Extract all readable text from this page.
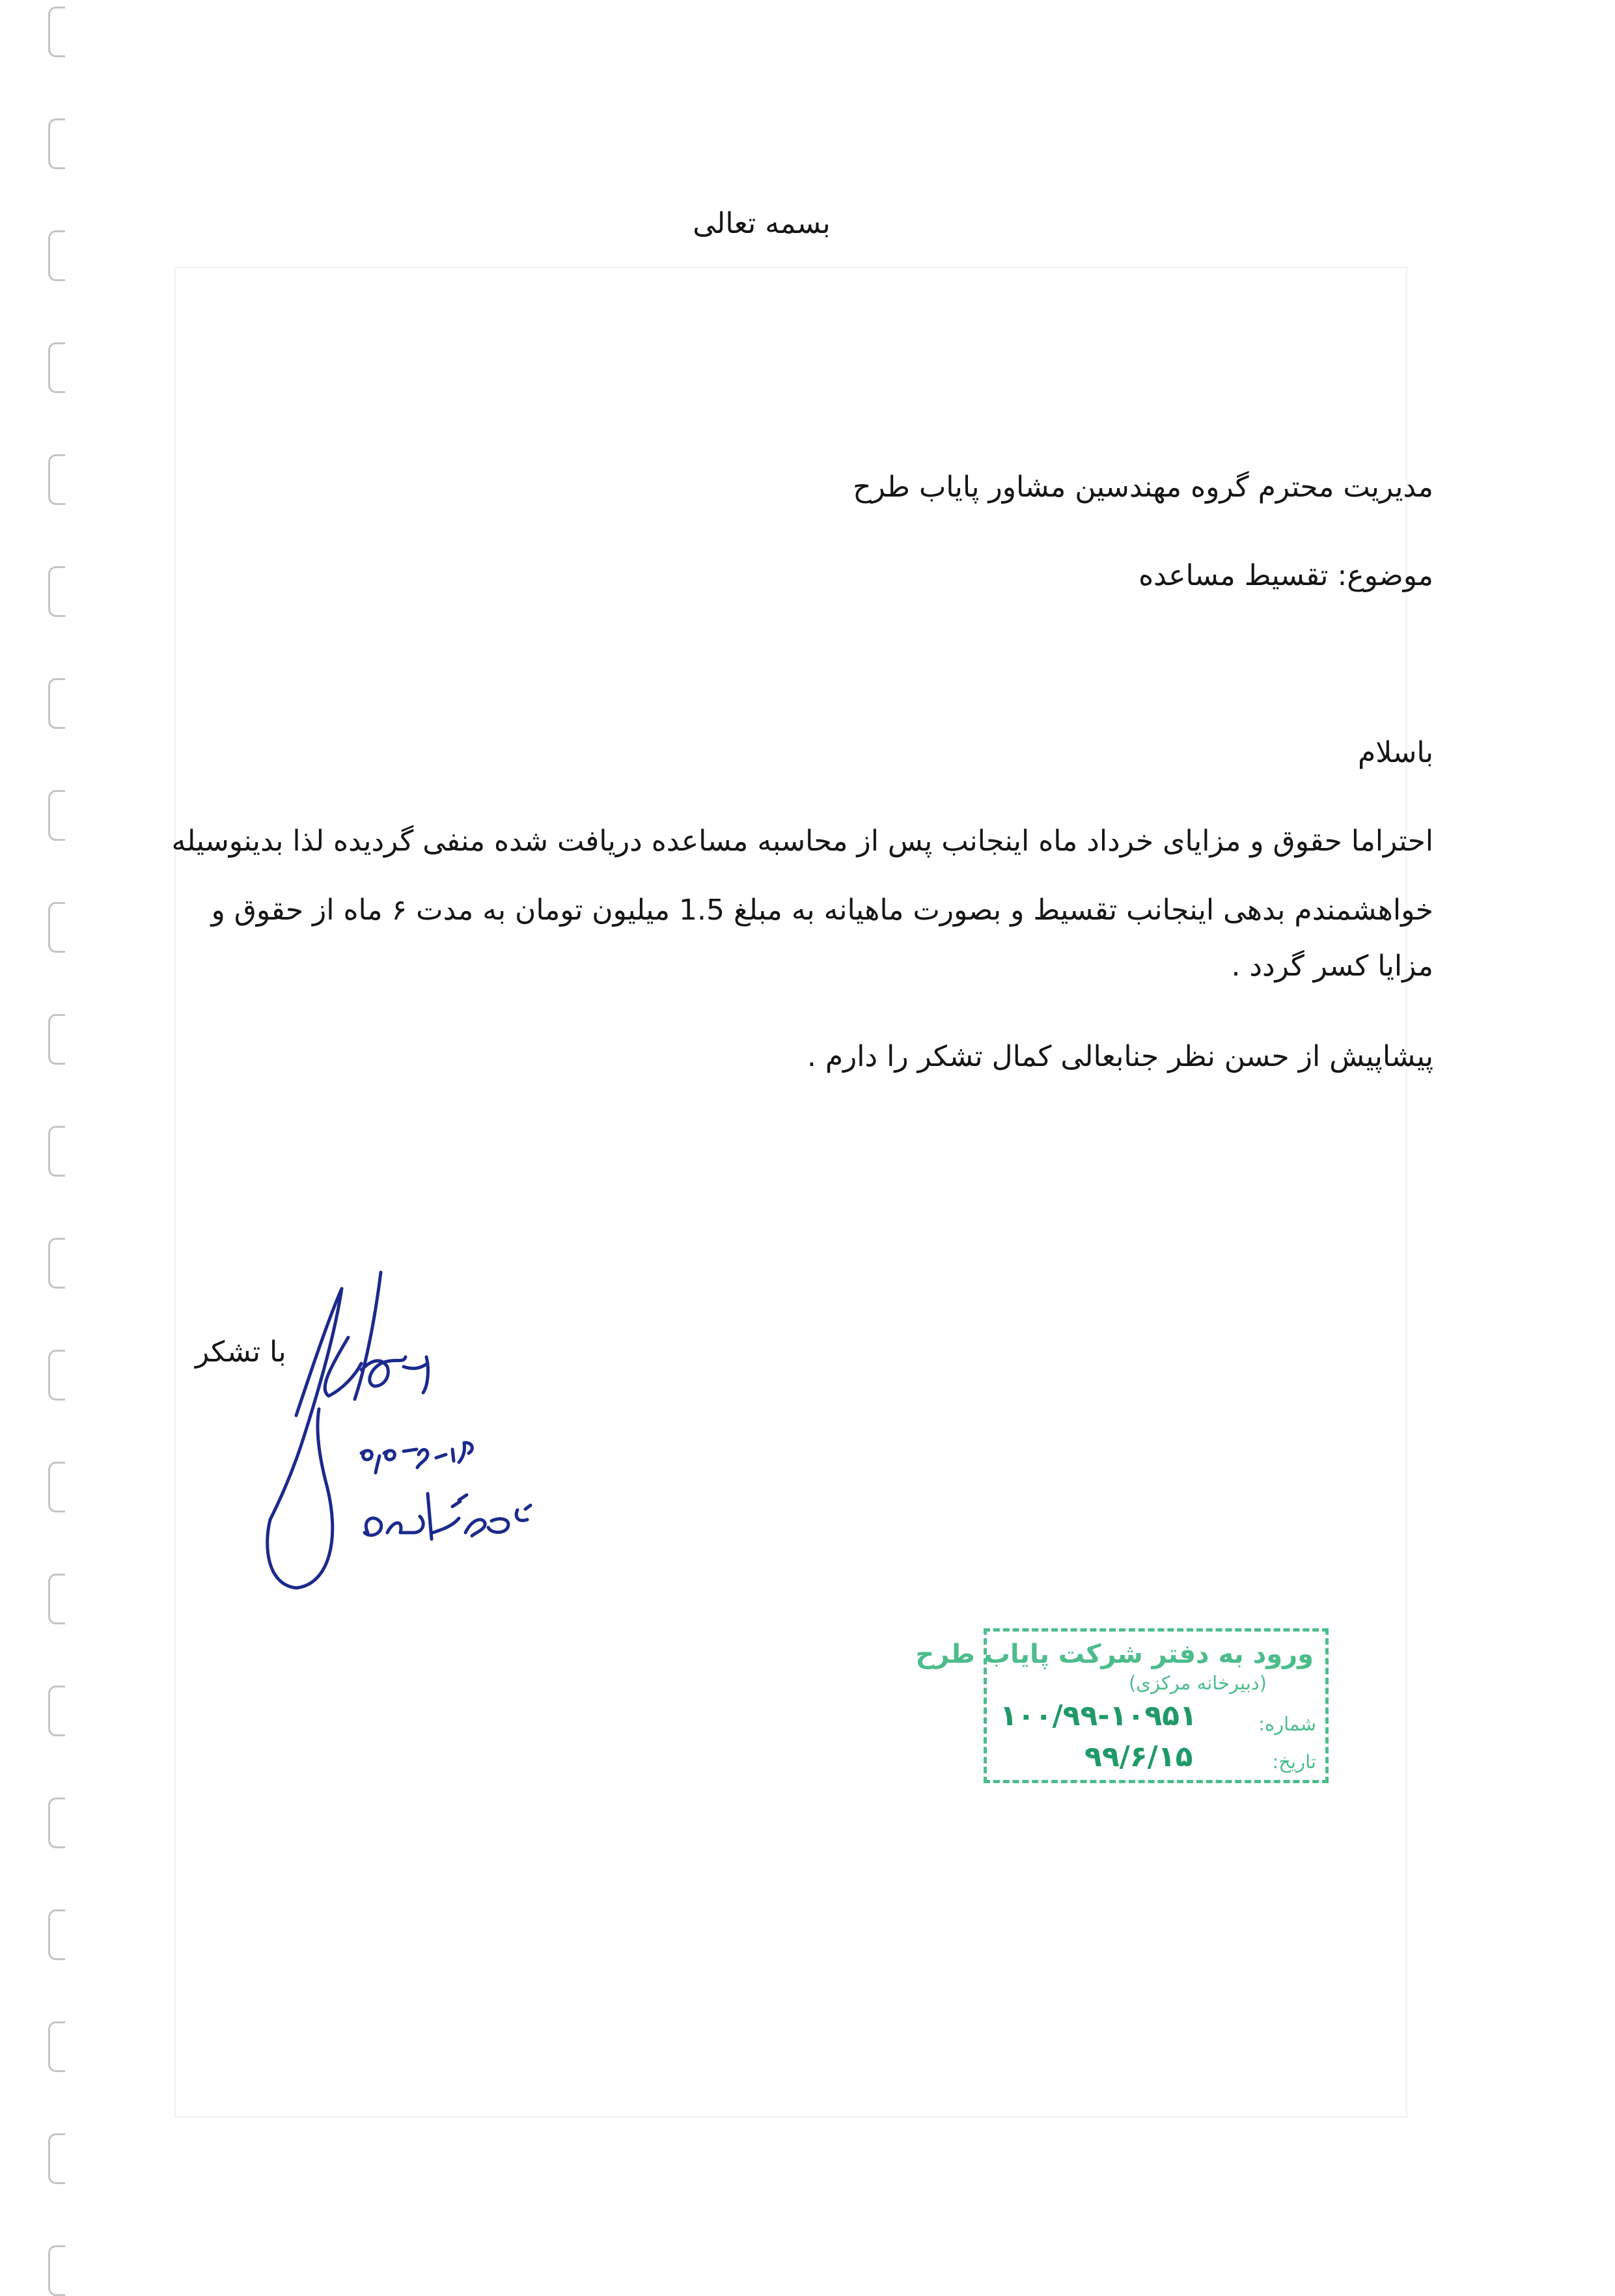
بسمه تعالی
مدیریت محترم گروه مهندسین مشاور پایاب طرح
موضوع: تقسیط مساعده
باسلام
احتراما حقوق و مزایای خرداد ماه اینجانب پس از محاسبه مساعده دریافت شده منفی گردیده لذا بدینوسیله
خواهشمندم بدهی اینجانب تقسیط و بصورت ماهیانه به مبلغ 1.5 میلیون تومان به مدت ۶ ماه از حقوق و
مزایا کسر گردد .
پیشاپیش از حسن نظر جنابعالی کمال تشکر را دارم .
با تشکر
ورود به دفتر شرکت پایاب طرح
(دبیرخانه مرکزی)
شماره:
۱۰۰/۹۹-۱۰۹۵۱
تاریخ:
۹۹/۶/۱۵
